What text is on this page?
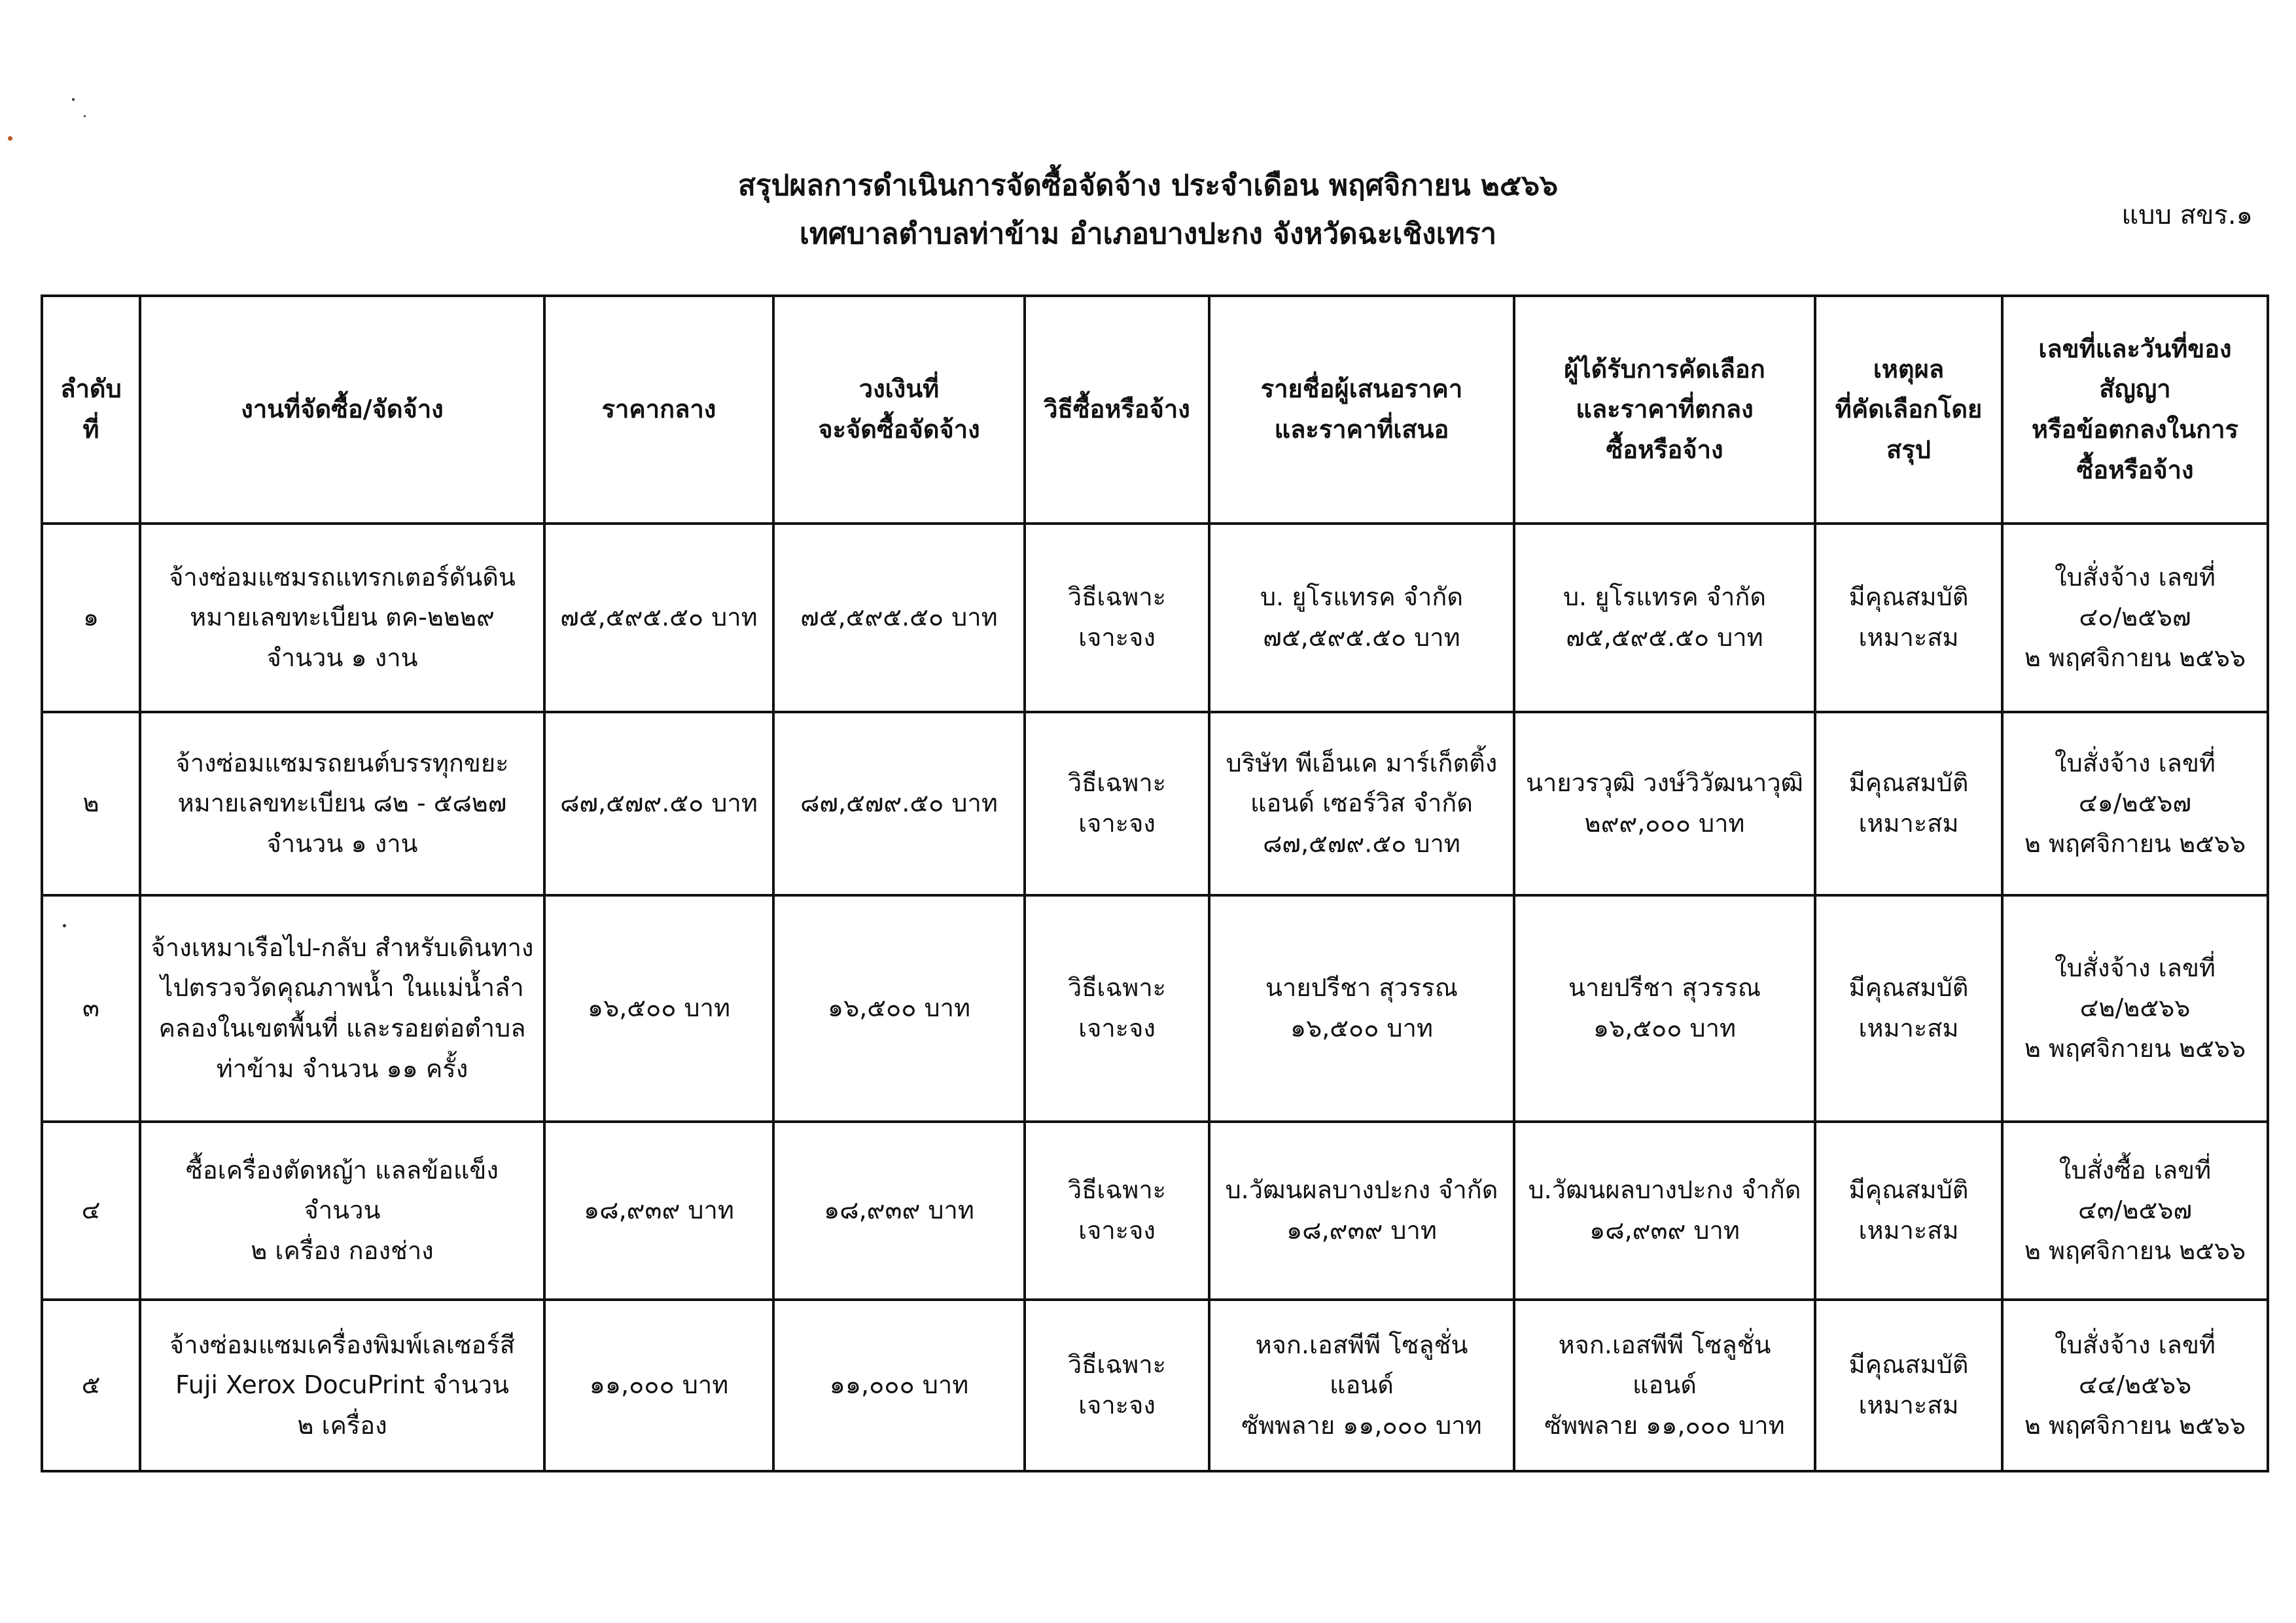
สรุปผลการดำเนินการจัดซื้อจัดจ้าง ประจำเดือน พฤศจิกายน ๒๕๖๖
เทศบาลตำบลท่าข้าม อำเภอบางปะกง จังหวัดฉะเชิงเทรา
แบบ สขร.๑
ลำดับที่	งานที่จัดซื้อ/จัดจ้าง	ราคากลาง	วงเงินที่
จะจัดซื้อจัดจ้าง	วิธีซื้อหรือจ้าง	รายชื่อผู้เสนอราคา
และราคาที่เสนอ	ผู้ได้รับการคัดเลือก
และราคาที่ตกลง
ซื้อหรือจ้าง	เหตุผล
ที่คัดเลือกโดย
สรุป	เลขที่และวันที่ของ
สัญญา
หรือข้อตกลงในการ
ซื้อหรือจ้าง
๑	จ้างซ่อมแซมรถแทรกเตอร์ดันดิน
หมายเลขทะเบียน ตค-๒๒๒๙
จำนวน ๑ งาน	๗๕,๕๙๕.๕๐ บาท	๗๕,๕๙๕.๕๐ บาท	วิธีเฉพาะเจาะจง	บ. ยูโรแทรค จำกัด
๗๕,๕๙๕.๕๐ บาท	บ. ยูโรแทรค จำกัด
๗๕,๕๙๕.๕๐ บาท	มีคุณสมบัติ
เหมาะสม	ใบสั่งจ้าง เลขที่
๔๐/๒๕๖๗
๒ พฤศจิกายน ๒๕๖๖
๒	จ้างซ่อมแซมรถยนต์บรรทุกขยะ
หมายเลขทะเบียน ๘๒ - ๕๘๒๗
จำนวน ๑ งาน	๘๗,๕๗๙.๕๐ บาท	๘๗,๕๗๙.๕๐ บาท	วิธีเฉพาะเจาะจง	บริษัท พีเอ็นเค มาร์เก็ตติ้ง
แอนด์ เซอร์วิส จำกัด
๘๗,๕๗๙.๕๐ บาท	นายวรวุฒิ วงษ์วิวัฒนาวุฒิ
๒๙๙,๐๐๐ บาท	มีคุณสมบัติ
เหมาะสม	ใบสั่งจ้าง เลขที่
๔๑/๒๕๖๗
๒ พฤศจิกายน ๒๕๖๖
๓	จ้างเหมาเรือไป-กลับ สำหรับเดินทาง
ไปตรวจวัดคุณภาพน้ำ ในแม่น้ำลำ
คลองในเขตพื้นที่ และรอยต่อตำบล
ท่าข้าม จำนวน ๑๑ ครั้ง	๑๖,๕๐๐ บาท	๑๖,๕๐๐ บาท	วิธีเฉพาะเจาะจง	นายปรีชา สุวรรณ
๑๖,๕๐๐ บาท	นายปรีชา สุวรรณ
๑๖,๕๐๐ บาท	มีคุณสมบัติ
เหมาะสม	ใบสั่งจ้าง เลขที่
๔๒/๒๕๖๖
๒ พฤศจิกายน ๒๕๖๖
๔	ซื้อเครื่องตัดหญ้า แลลข้อแข็ง จำนวน
๒ เครื่อง กองช่าง	๑๘,๙๓๙ บาท	๑๘,๙๓๙ บาท	วิธีเฉพาะเจาะจง	บ.วัฒนผลบางปะกง จำกัด
๑๘,๙๓๙ บาท	บ.วัฒนผลบางปะกง จำกัด
๑๘,๙๓๙ บาท	มีคุณสมบัติ
เหมาะสม	ใบสั่งซื้อ เลขที่
๔๓/๒๕๖๗
๒ พฤศจิกายน ๒๕๖๖
๕	จ้างซ่อมแซมเครื่องพิมพ์เลเซอร์สี
Fuji Xerox DocuPrint จำนวน
๒ เครื่อง	๑๑,๐๐๐ บาท	๑๑,๐๐๐ บาท	วิธีเฉพาะเจาะจง	หจก.เอสพีพี โซลูชั่น แอนด์
ซัพพลาย ๑๑,๐๐๐ บาท	หจก.เอสพีพี โซลูชั่น แอนด์
ซัพพลาย ๑๑,๐๐๐ บาท	มีคุณสมบัติ
เหมาะสม	ใบสั่งจ้าง เลขที่
๔๔/๒๕๖๖
๒ พฤศจิกายน ๒๕๖๖
